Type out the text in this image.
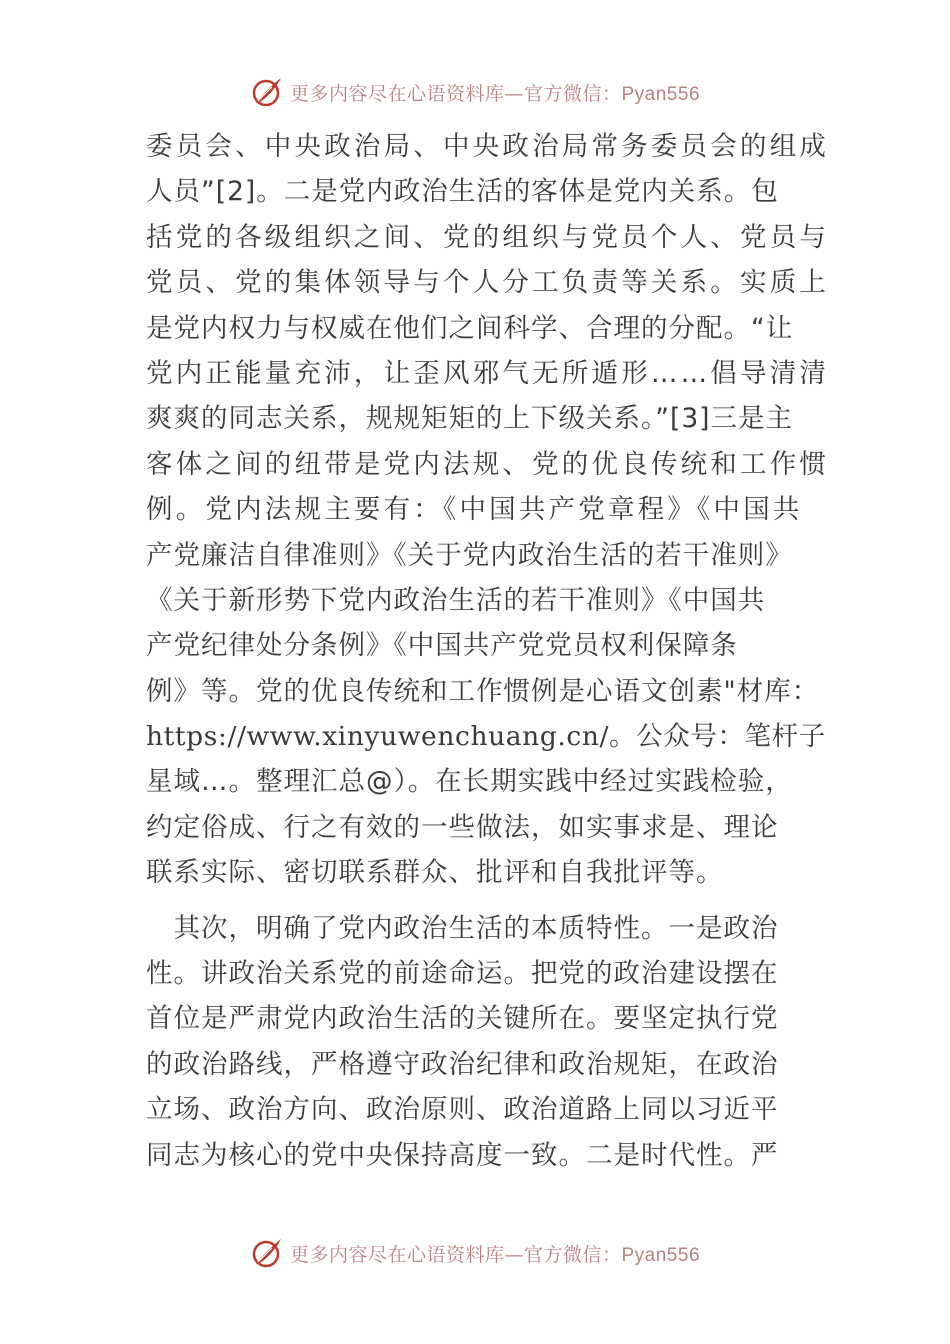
更多内容尽在心语资料库—官方微信：Pyan556
委员会、中央政治局、中央政治局常务委员会的组成
人员”[2]。二是党内政治生活的客体是党内关系。包
括党的各级组织之间、党的组织与党员个人、党员与
党员、党的集体领导与个人分工负责等关系。实质上
是党内权力与权威在他们之间科学、合理的分配。“让
党内正能量充沛，让歪风邪气无所遁形……倡导清清
爽爽的同志关系，规规矩矩的上下级关系。”[3]三是主
客体之间的纽带是党内法规、党的优良传统和工作惯
例。党内法规主要有：《中国共产党章程》《中国共
产党廉洁自律准则》《关于党内政治生活的若干准则》
《关于新形势下党内政治生活的若干准则》《中国共
产党纪律处分条例》《中国共产党党员权利保障条
例》等。党的优良传统和工作惯例是心语文创素"材库：
https://www.xinyuwenchuang.cn/。公众号：笔杆子
星域…。整理汇总@）。在长期实践中经过实践检验，
约定俗成、行之有效的一些做法，如实事求是、理论
联系实际、密切联系群众、批评和自我批评等。
　其次，明确了党内政治生活的本质特性。一是政治
性。讲政治关系党的前途命运。把党的政治建设摆在
首位是严肃党内政治生活的关键所在。要坚定执行党
的政治路线，严格遵守政治纪律和政治规矩，在政治
立场、政治方向、政治原则、政治道路上同以习近平
同志为核心的党中央保持高度一致。二是时代性。严
更多内容尽在心语资料库—官方微信：Pyan556
